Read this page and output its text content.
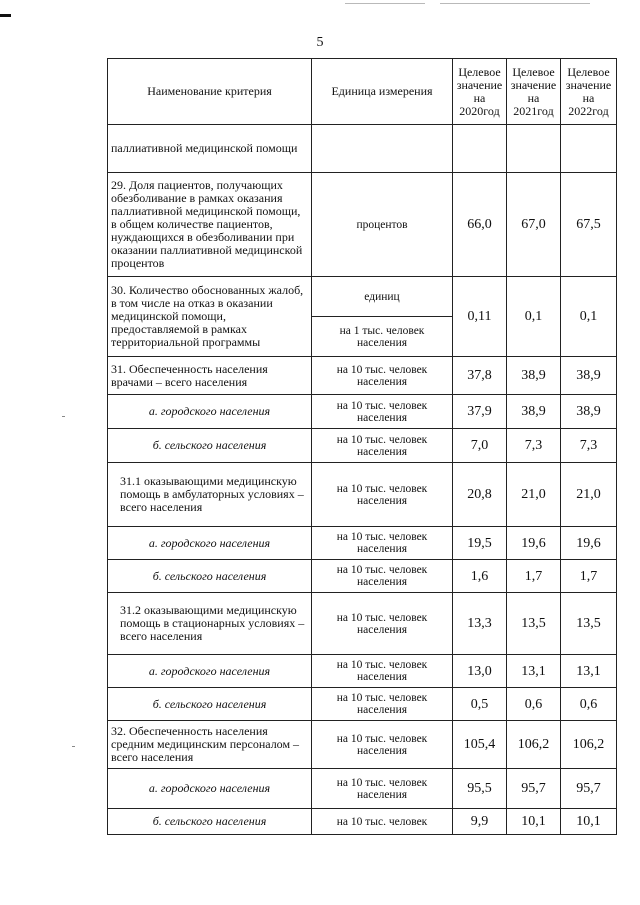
5
Наименование критерия	Единица измерения	Целевое значение на 2020год	Целевое значение на 2021год	Целевое значение на 2022год
паллиативной медицинской помощи				
29. Доля пациентов, получающих обезболивание в рамках оказания паллиативной медицинской помощи, в общем количестве пациентов, нуждающихся в обезболивании при оказании паллиативной медицинской процентов	процентов	66,0	67,0	67,5
30. Количество обоснованных жалоб, в том числе на отказ в оказании медицинской помощи, предоставляемой в рамках территориальной программы	единиц	0,11	0,1	0,1
	на 1 тыс. человек населения			
31. Обеспеченность населения врачами – всего населения	на 10 тыс. человек населения	37,8	38,9	38,9
а. городского населения	на 10 тыс. человек населения	37,9	38,9	38,9
б. сельского населения	на 10 тыс. человек населения	7,0	7,3	7,3
31.1 оказывающими медицинскую помощь в амбулаторных условиях – всего населения	на 10 тыс. человек населения	20,8	21,0	21,0
а. городского населения	на 10 тыс. человек населения	19,5	19,6	19,6
б. сельского населения	на 10 тыс. человек населения	1,6	1,7	1,7
31.2 оказывающими медицинскую помощь в стационарных условиях – всего населения	на 10 тыс. человек населения	13,3	13,5	13,5
а. городского населения	на 10 тыс. человек населения	13,0	13,1	13,1
б. сельского населения	на 10 тыс. человек населения	0,5	0,6	0,6
32. Обеспеченность населения средним медицинским персоналом – всего населения	на 10 тыс. человек населения	105,4	106,2	106,2
а. городского населения	на 10 тыс. человек населения	95,5	95,7	95,7
б. сельского населения	на 10 тыс. человек	9,9	10,1	10,1
